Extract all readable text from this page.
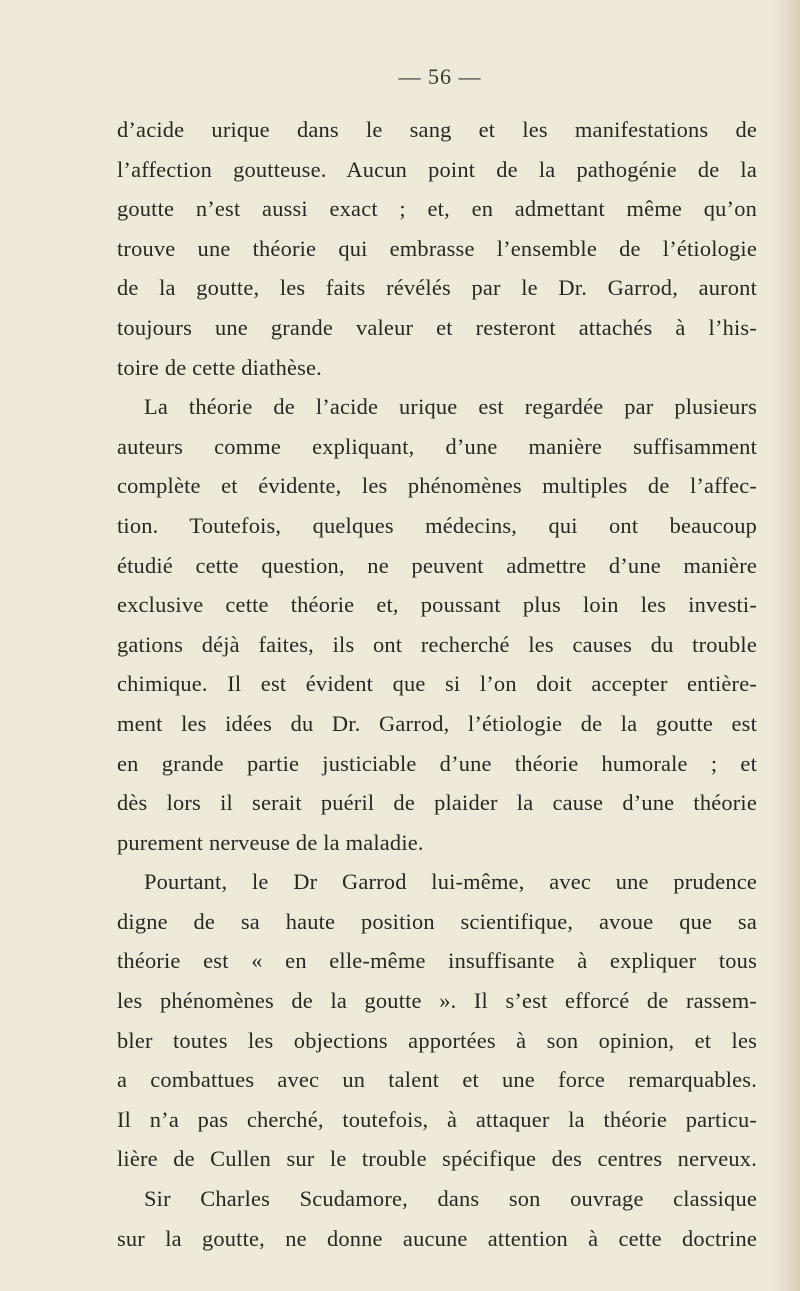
— 56 —
d’acide urique dans le sang et les manifestations de
l’affection goutteuse. Aucun point de la pathogénie de la
goutte n’est aussi exact ; et, en admettant même qu’on
trouve une théorie qui embrasse l’ensemble de l’étiologie
de la goutte, les faits révélés par le Dr. Garrod, auront
toujours une grande valeur et resteront attachés à l’his-
toire de cette diathèse.
La théorie de l’acide urique est regardée par plusieurs
auteurs comme expliquant, d’une manière suffisamment
complète et évidente, les phénomènes multiples de l’affec-
tion. Toutefois, quelques médecins, qui ont beaucoup
étudié cette question, ne peuvent admettre d’une manière
exclusive cette théorie et, poussant plus loin les investi-
gations déjà faites, ils ont recherché les causes du trouble
chimique. Il est évident que si l’on doit accepter entière-
ment les idées du Dr. Garrod, l’étiologie de la goutte est
en grande partie justiciable d’une théorie humorale ; et
dès lors il serait puéril de plaider la cause d’une théorie
purement nerveuse de la maladie.
Pourtant, le Dr Garrod lui-même, avec une prudence
digne de sa haute position scientifique, avoue que sa
théorie est « en elle-même insuffisante à expliquer tous
les phénomènes de la goutte ». Il s’est efforcé de rassem-
bler toutes les objections apportées à son opinion, et les
a combattues avec un talent et une force remarquables.
Il n’a pas cherché, toutefois, à attaquer la théorie particu-
lière de Cullen sur le trouble spécifique des centres nerveux.
Sir Charles Scudamore, dans son ouvrage classique
sur la goutte, ne donne aucune attention à cette doctrine
